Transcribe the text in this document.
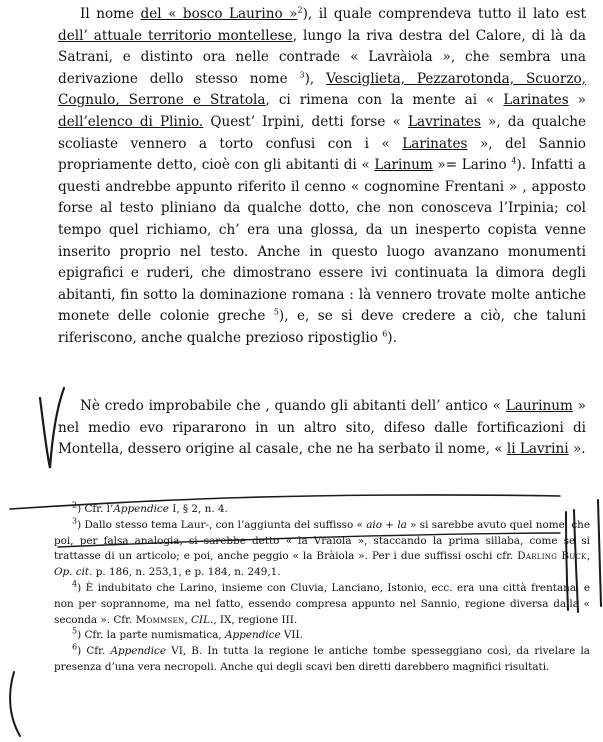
Il nome del « bosco Laurino »$^2$), il quale comprendeva tutto il lato est dell’ attuale territorio montellese, lungo la riva destra del Calore, di là da Satrani, e distinto ora nelle contrade « Lavràiola », che sembra una derivazione dello stesso nome $^3$), Vesciglieta, Pezzarotonda, Scuorzo, Cognulo, Serrone e Stratola, ci rimena con la mente ai « Larinates » dell’elenco di Plinio. Quest’ Irpini, detti forse « Lavrinates », da qualche scoliaste vennero a torto confusi con i « Larinates », del Sannio propriamente detto, cioè con gli abitanti di « Larinum »= Larino $^4$). Infatti a questi andrebbe appunto riferito il cenno « cognomine Frentani » , apposto forse al testo pliniano da qualche dotto, che non conosceva l’Irpinia; col tempo quel richiamo, ch’ era una glossa, da un inesperto copista venne inserito proprio nel testo. Anche in questo luogo avanzano monumenti epigrafici e ruderi, che dimostrano essere ivi continuata la dimora degli abitanti, fin sotto la dominazione romana : là vennero trovate molte antiche monete delle colonie greche $^5$), e, se si deve credere a ciò, che taluni riferiscono, anche qualche prezioso ripostiglio $^6$).

Nè credo improbabile che , quando gli abitanti dell’ antico « Laurinum » nel medio evo ripararono in un altro sito, difeso dalle fortificazioni di Montella, dessero origine al casale, che ne ha serbato il nome, « li Lavrini ».

$^2$) Cfr. l’Appendice I, § 2, n. 4.

$^3$) Dallo stesso tema Laur-, con l’aggiunta del suffisso « aio + la » si sarebbe avuto quel nome, che poi, per falsa analogia, si sarebbe detto « la Vraiola », staccando la prima sillaba, come se si trattasse di un articolo; e poi, anche peggio « la Bràiola ». Per i due suffissi oschi cfr. Darling Buck, Op. cit. p. 186, n. 253,1, e p. 184, n. 249,1.

$^4$) È indubitato che Larino, insieme con Cluvia, Lanciano, Istonio, ecc. era una città frentana, e non per soprannome, ma nel fatto, essendo compresa appunto nel Sannio, regione diversa dalla « seconda ». Cfr. Mommsen, CIL., IX, regione III.

$^5$) Cfr. la parte numismatica, Appendice VII.

$^6$) Cfr. Appendice VI, B. In tutta la regione le antiche tombe spesseggiano così, da rivelare la presenza d’una vera necropoli. Anche qui degli scavi ben diretti darebbero magnifici risultati.
